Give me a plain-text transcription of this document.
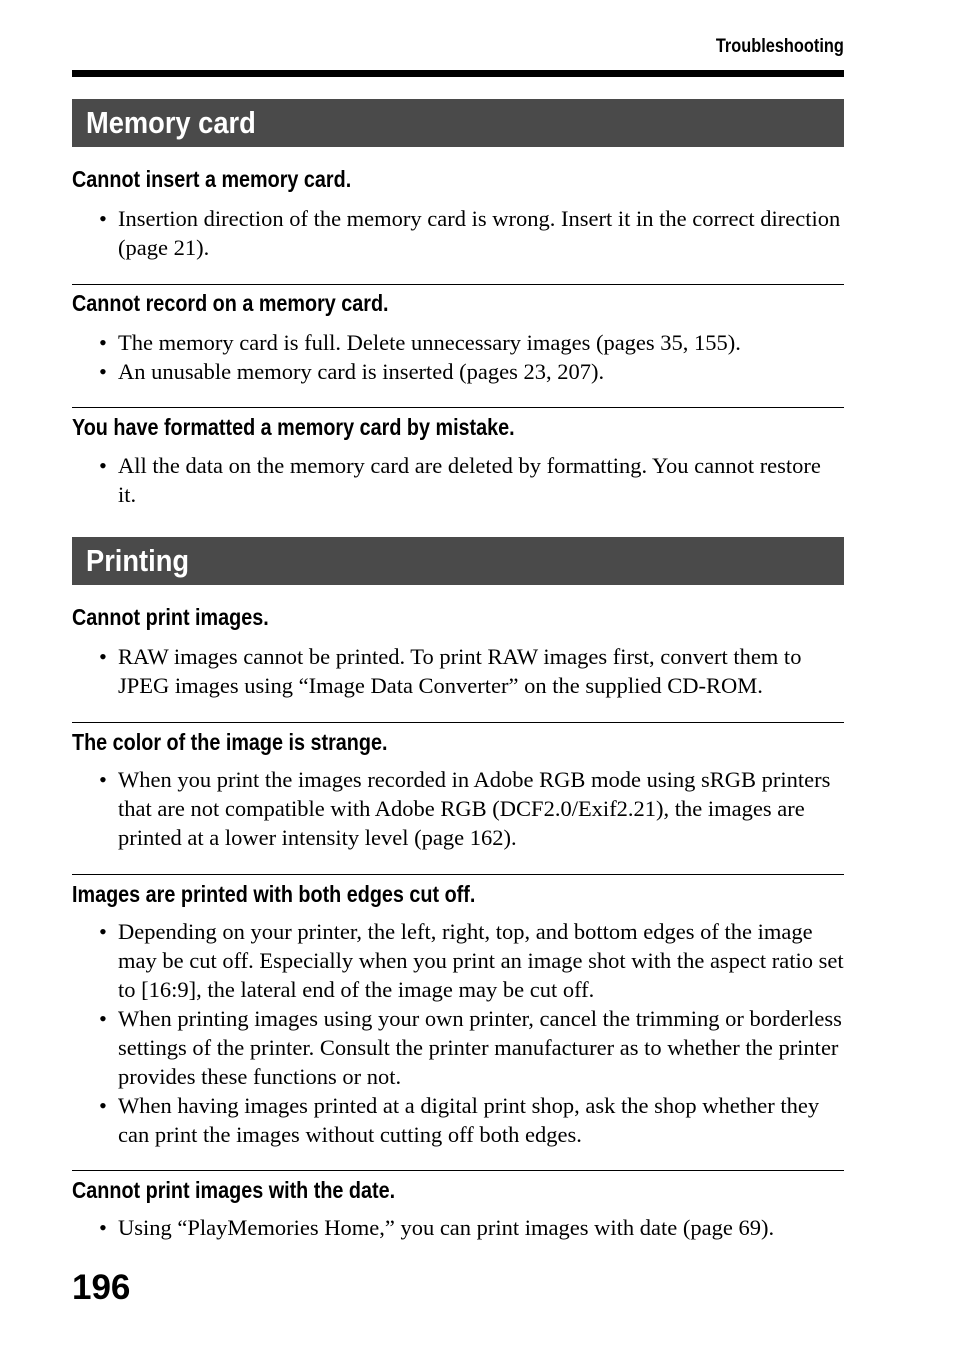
Troubleshooting
Memory card
Cannot insert a memory card.
• Insertion direction of the memory card is wrong. Insert it in the correct direction (page 21).
Cannot record on a memory card.
• The memory card is full. Delete unnecessary images (pages 35, 155).
• An unusable memory card is inserted (pages 23, 207).
You have formatted a memory card by mistake.
• All the data on the memory card are deleted by formatting. You cannot restore it.
Printing
Cannot print images.
• RAW images cannot be printed. To print RAW images first, convert them to JPEG images using “Image Data Converter” on the supplied CD-ROM.
The color of the image is strange.
• When you print the images recorded in Adobe RGB mode using sRGB printers that are not compatible with Adobe RGB (DCF2.0/Exif2.21), the images are printed at a lower intensity level (page 162).
Images are printed with both edges cut off.
• Depending on your printer, the left, right, top, and bottom edges of the image may be cut off. Especially when you print an image shot with the aspect ratio set to [16:9], the lateral end of the image may be cut off.
• When printing images using your own printer, cancel the trimming or borderless settings of the printer. Consult the printer manufacturer as to whether the printer provides these functions or not.
• When having images printed at a digital print shop, ask the shop whether they can print the images without cutting off both edges.
Cannot print images with the date.
• Using “PlayMemories Home,” you can print images with date (page 69).
196
